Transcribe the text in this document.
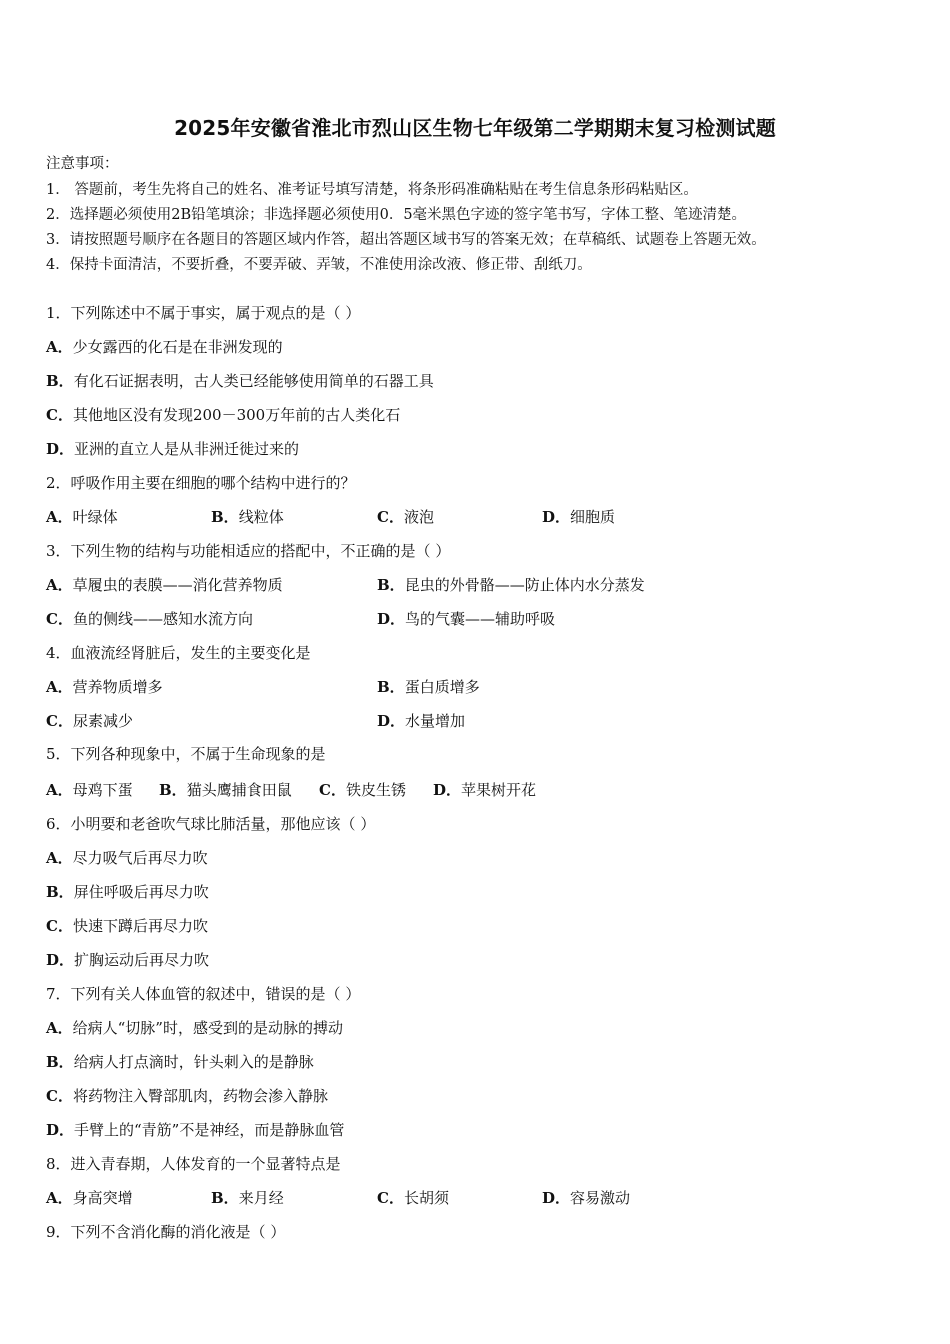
2025年安徽省淮北市烈山区生物七年级第二学期期末复习检测试题
注意事项：
1． 答题前，考生先将自己的姓名、准考证号填写清楚，将条形码准确粘贴在考生信息条形码粘贴区。
2．选择题必须使用2B铅笔填涂；非选择题必须使用0．5毫米黑色字迹的签字笔书写，字体工整、笔迹清楚。
3．请按照题号顺序在各题目的答题区域内作答，超出答题区域书写的答案无效；在草稿纸、试题卷上答题无效。
4．保持卡面清洁，不要折叠，不要弄破、弄皱，不准使用涂改液、修正带、刮纸刀。
1．下列陈述中不属于事实，属于观点的是（ ）
A．少女露西的化石是在非洲发现的
B．有化石证据表明，古人类已经能够使用简单的石器工具
C．其他地区没有发现200－300万年前的古人类化石
D．亚洲的直立人是从非洲迁徙过来的
2．呼吸作用主要在细胞的哪个结构中进行的？
A．叶绿体	B．线粒体	C．液泡	D．细胞质
3．下列生物的结构与功能相适应的搭配中，不正确的是（ ）
A．草履虫的表膜——消化营养物质	B．昆虫的外骨骼——防止体内水分蒸发
C．鱼的侧线——感知水流方向	D．鸟的气囊——辅助呼吸
4．血液流经肾脏后，发生的主要变化是
A．营养物质增多	B．蛋白质增多
C．尿素减少	D．水量增加
5．下列各种现象中，不属于生命现象的是
A．母鸡下蛋 B．猫头鹰捕食田鼠 C．铁皮生锈 D．苹果树开花
6．小明要和老爸吹气球比肺活量，那他应该（ ）
A．尽力吸气后再尽力吹
B．屏住呼吸后再尽力吹
C．快速下蹲后再尽力吹
D．扩胸运动后再尽力吹
7．下列有关人体血管的叙述中，错误的是（ ）
A．给病人“切脉”时，感受到的是动脉的搏动
B．给病人打点滴时，针头刺入的是静脉
C．将药物注入臀部肌肉，药物会渗入静脉
D．手臂上的“青筋”不是神经，而是静脉血管
8．进入青春期，人体发育的一个显著特点是
A．身高突增	B．来月经	C．长胡须	D．容易激动
9．下列不含消化酶的消化液是（ ）
